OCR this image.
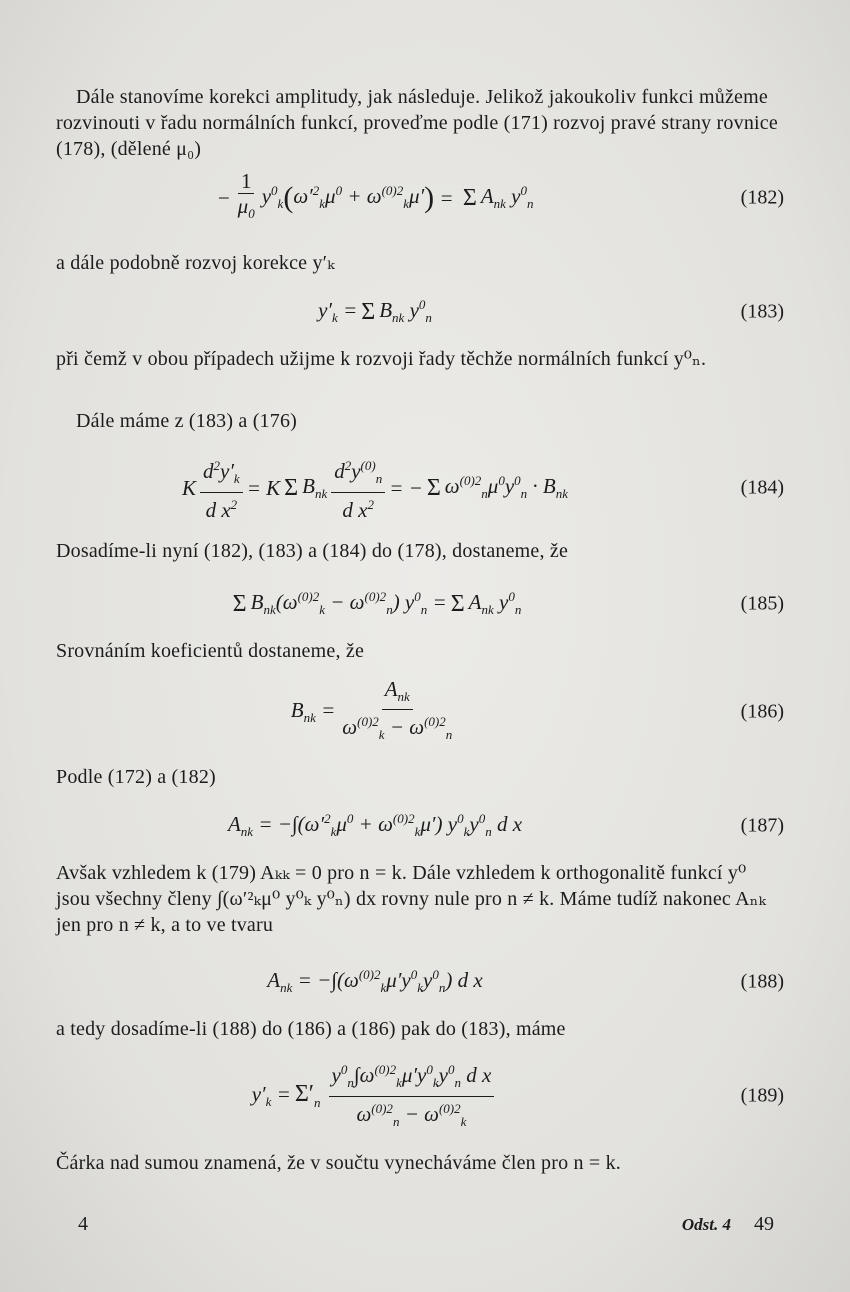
Dále stanovíme korekci amplitudy, jak následuje. Jelikož jakoukoliv funkci můžeme rozvinouti v řadu normálních funkcí, proveďme podle (171) rozvoj pravé strany rovnice (178), (dělené μ₀)

− $\frac{1}{\mu_0} y^0_k$ ( $\omega'^2_k\mu^0 + \omega^{(0)2}_k\mu'$ ) = Σ $A_{nk}$ $y^0_n$	(182)

a dále podobně rozvoj korekce y′ₖ

$y'_k = \Sigma$ $B_{nk}$ $y^0_n$	(183)

při čemž v obou případech užijme k rozvoji řady těchže normálních funkcí y⁰ₙ.

Dále máme z (183) a (176)

K $\frac{d^2y'_k}{d x^2} = K$ Σ $B_{nk} \frac{d^2y^{(0)}_n}{d x^2}$ = − Σ $\omega^{(0)2}_n\mu^0y^0_n \cdot B_{nk}$	(184)

Dosadíme-li nyní (182), (183) a (184) do (178), dostaneme, že

Σ $B_{nk}(\omega^{(0)2}_k - \omega^{(0)2}_n) y^0_n = \Sigma$ $A_{nk}$ $y^0_n$	(185)

Srovnáním koeficientů dostaneme, že

$B_{nk} = \frac{A_{nk}}{\omega^{(0)2}_k - \omega^{(0)2}_n}$	(186)

Podle (172) a (182)

$A_{nk} = -\int(\omega'^2_k\mu^0 + \omega^{(0)2}_k\mu')$ $y^0_ky^0_n$ d x	(187)

Avšak vzhledem k (179) Aₖₖ = 0 pro n = k. Dále vzhledem k orthogonalitě funkcí y⁰ jsou všechny členy ∫(ω′²ₖμ⁰ y⁰ₖ y⁰ₙ) dx rovny nule pro n ≠ k. Máme tudíž nakonec Aₙₖ jen pro n ≠ k, a to ve tvaru

$A_{nk} = -\int(\omega^{(0)2}_k\mu'y^0_ky^0_n)$ d x	(188)

a tedy dosadíme-li (188) do (186) a (186) pak do (183), máme

$y'_k = \Sigma'_n \frac{y^0_n\int\omega^{(0)2}_k\mu'y^0_ky^0_n d x}{\omega^{(0)2}_n - \omega^{(0)2}_k}$	(189)

Čárka nad sumou znamená, že v součtu vynecháváme člen pro n = k.

4	Odst. 4 49
